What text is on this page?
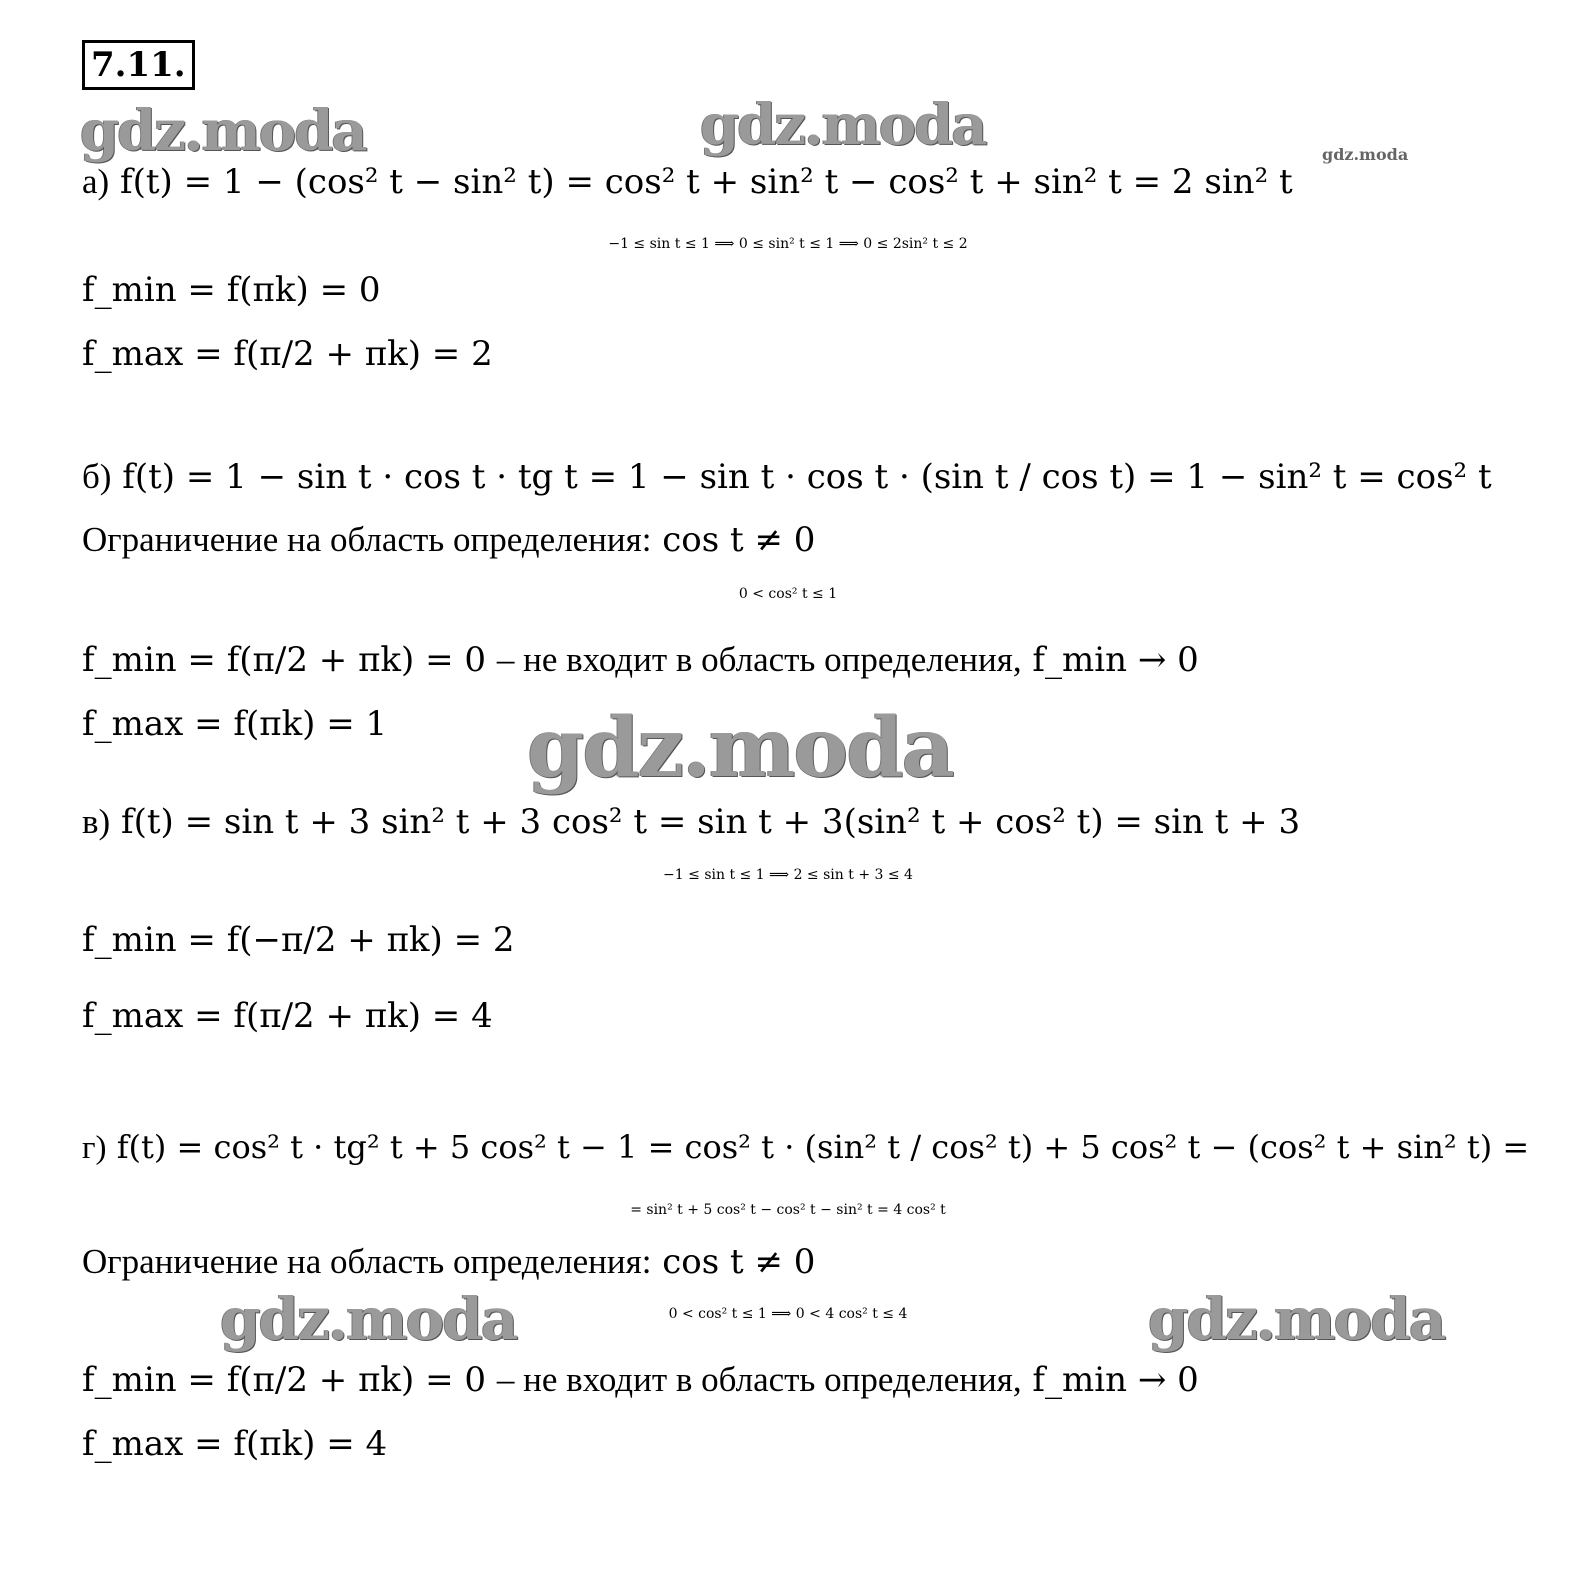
7.11.
gdz.moda	gdz.moda	gdz.moda
gdz.moda
gdz.moda	gdz.moda
а) f(t) = 1 − (cos² t − sin² t) = cos² t + sin² t − cos² t + sin² t = 2 sin² t
−1 ≤ sin t ≤ 1 ⟹ 0 ≤ sin² t ≤ 1 ⟹ 0 ≤ 2sin² t ≤ 2
f_min = f(πk) = 0
f_max = f(π/2 + πk) = 2
б) f(t) = 1 − sin t · cos t · tg t = 1 − sin t · cos t · (sin t / cos t) = 1 − sin² t = cos² t
Ограничение на область определения: cos t ≠ 0
0 < cos² t ≤ 1
f_min = f(π/2 + πk) = 0 – не входит в область определения, f_min → 0
f_max = f(πk) = 1
в) f(t) = sin t + 3 sin² t + 3 cos² t = sin t + 3(sin² t + cos² t) = sin t + 3
−1 ≤ sin t ≤ 1 ⟹ 2 ≤ sin t + 3 ≤ 4
f_min = f(−π/2 + πk) = 2
f_max = f(π/2 + πk) = 4
г) f(t) = cos² t · tg² t + 5 cos² t − 1 = cos² t · (sin² t / cos² t) + 5 cos² t − (cos² t + sin² t) =
= sin² t + 5 cos² t − cos² t − sin² t = 4 cos² t
Ограничение на область определения: cos t ≠ 0
0 < cos² t ≤ 1 ⟹ 0 < 4 cos² t ≤ 4
f_min = f(π/2 + πk) = 0 – не входит в область определения, f_min → 0
f_max = f(πk) = 4
